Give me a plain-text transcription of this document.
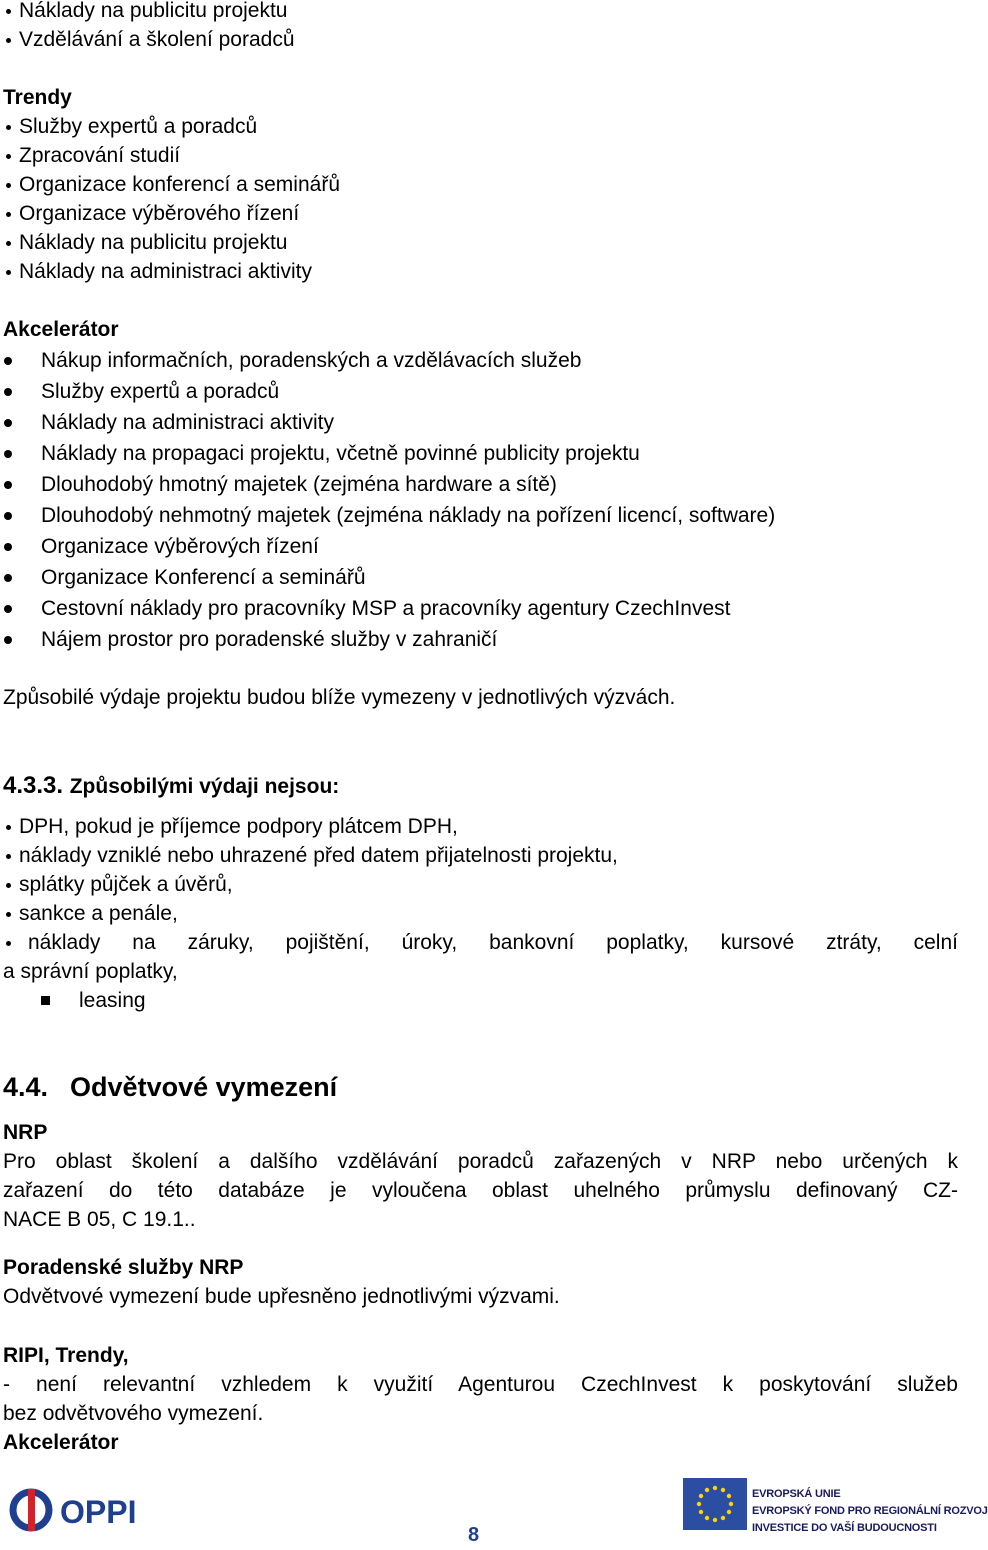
Náklady na publicitu projektu
Vzdělávání a školení poradců
Trendy
Služby expertů a poradců
Zpracování studií
Organizace konferencí a seminářů
Organizace výběrového řízení
Náklady na publicitu projektu
Náklady na administraci aktivity
Akcelerátor
Nákup informačních, poradenských a vzdělávacích služeb
Služby expertů a poradců
Náklady na administraci aktivity
Náklady na propagaci projektu, včetně povinné publicity projektu
Dlouhodobý hmotný majetek (zejména hardware a sítě)
Dlouhodobý nehmotný majetek (zejména náklady na pořízení licencí, software)
Organizace výběrových řízení
Organizace Konferencí a seminářů
Cestovní náklady pro pracovníky MSP a pracovníky agentury CzechInvest
Nájem prostor pro poradenské služby v zahraničí
Způsobilé výdaje projektu budou blíže vymezeny v jednotlivých výzvách.
4.3.3. Způsobilými výdaji nejsou:
DPH, pokud je příjemce podpory plátcem DPH,
náklady vzniklé nebo uhrazené před datem přijatelnosti projektu,
splátky půjček a úvěrů,
sankce a penále,
náklady na záruky, pojištění, úroky, bankovní poplatky, kursové ztráty, celní
a správní poplatky,
leasing
4.4. Odvětvové vymezení
NRP
Pro oblast školení a dalšího vzdělávání poradců zařazených v NRP nebo určených k
zařazení do této databáze je vyloučena oblast uhelného průmyslu definovaný CZ-
NACE B 05, C 19.1..
Poradenské služby NRP
Odvětvové vymezení bude upřesněno jednotlivými výzvami.
RIPI, Trendy,
- není relevantní vzhledem k využití Agenturou CzechInvest k poskytování služeb
bez odvětvového vymezení.
Akcelerátor
OPPI
8
EVROPSKÁ UNIE
EVROPSKÝ FOND PRO REGIONÁLNÍ ROZVOJ
INVESTICE DO VAŠÍ BUDOUCNOSTI
